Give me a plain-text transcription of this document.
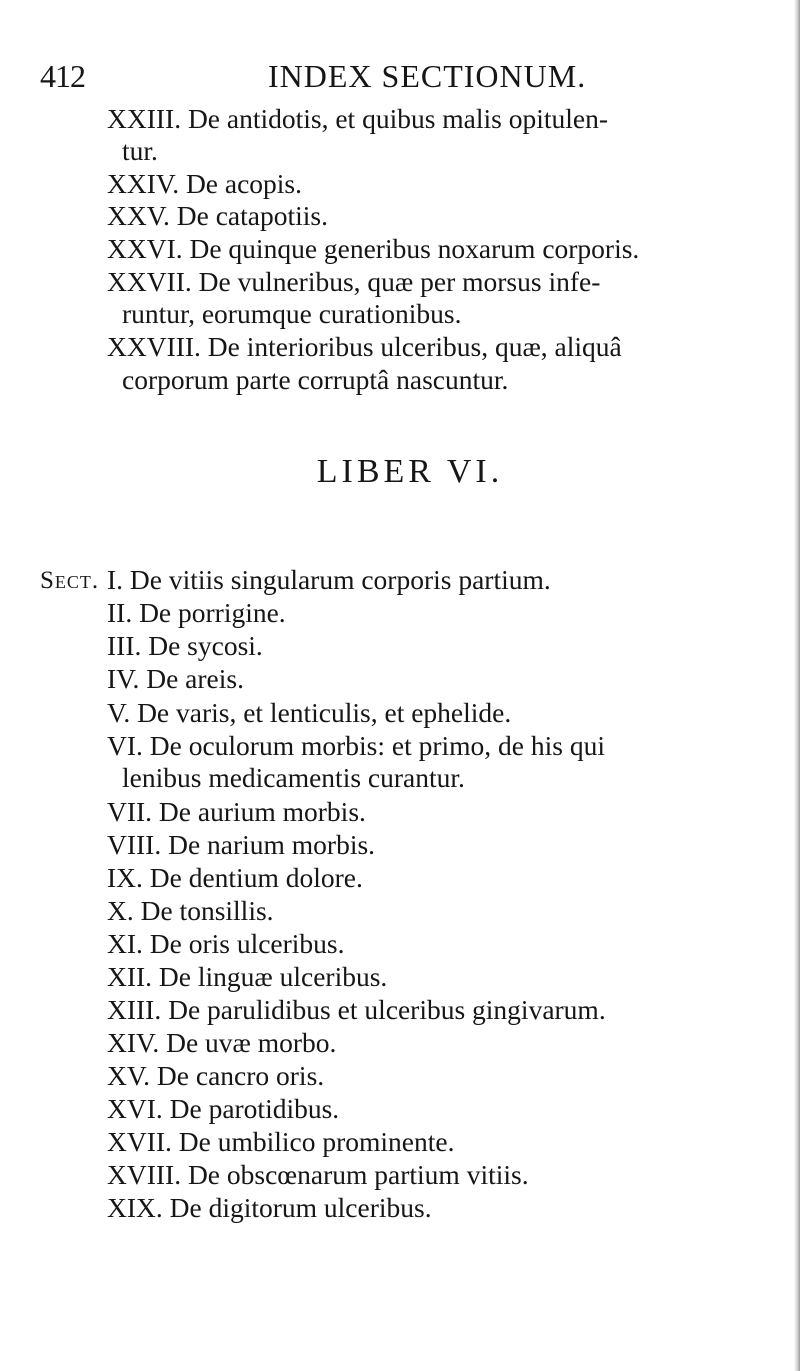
412	INDEX SECTIONUM.
XXIII. De antidotis, et quibus malis opitulen-
tur.
XXIV. De acopis.
XXV. De catapotiis.
XXVI. De quinque generibus noxarum corporis.
XXVII. De vulneribus, quæ per morsus infe-
runtur, eorumque curationibus.
XXVIII. De interioribus ulceribus, quæ, aliquâ
corporum parte corruptâ nascuntur.
LIBER VI.
Sect. I. De vitiis singularum corporis partium.
II. De porrigine.
III. De sycosi.
IV. De areis.
V. De varis, et lenticulis, et ephelide.
VI. De oculorum morbis: et primo, de his qui
lenibus medicamentis curantur.
VII. De aurium morbis.
VIII. De narium morbis.
IX. De dentium dolore.
X. De tonsillis.
XI. De oris ulceribus.
XII. De linguæ ulceribus.
XIII. De parulidibus et ulceribus gingivarum.
XIV. De uvæ morbo.
XV. De cancro oris.
XVI. De parotidibus.
XVII. De umbilico prominente.
XVIII. De obscœnarum partium vitiis.
XIX. De digitorum ulceribus.
